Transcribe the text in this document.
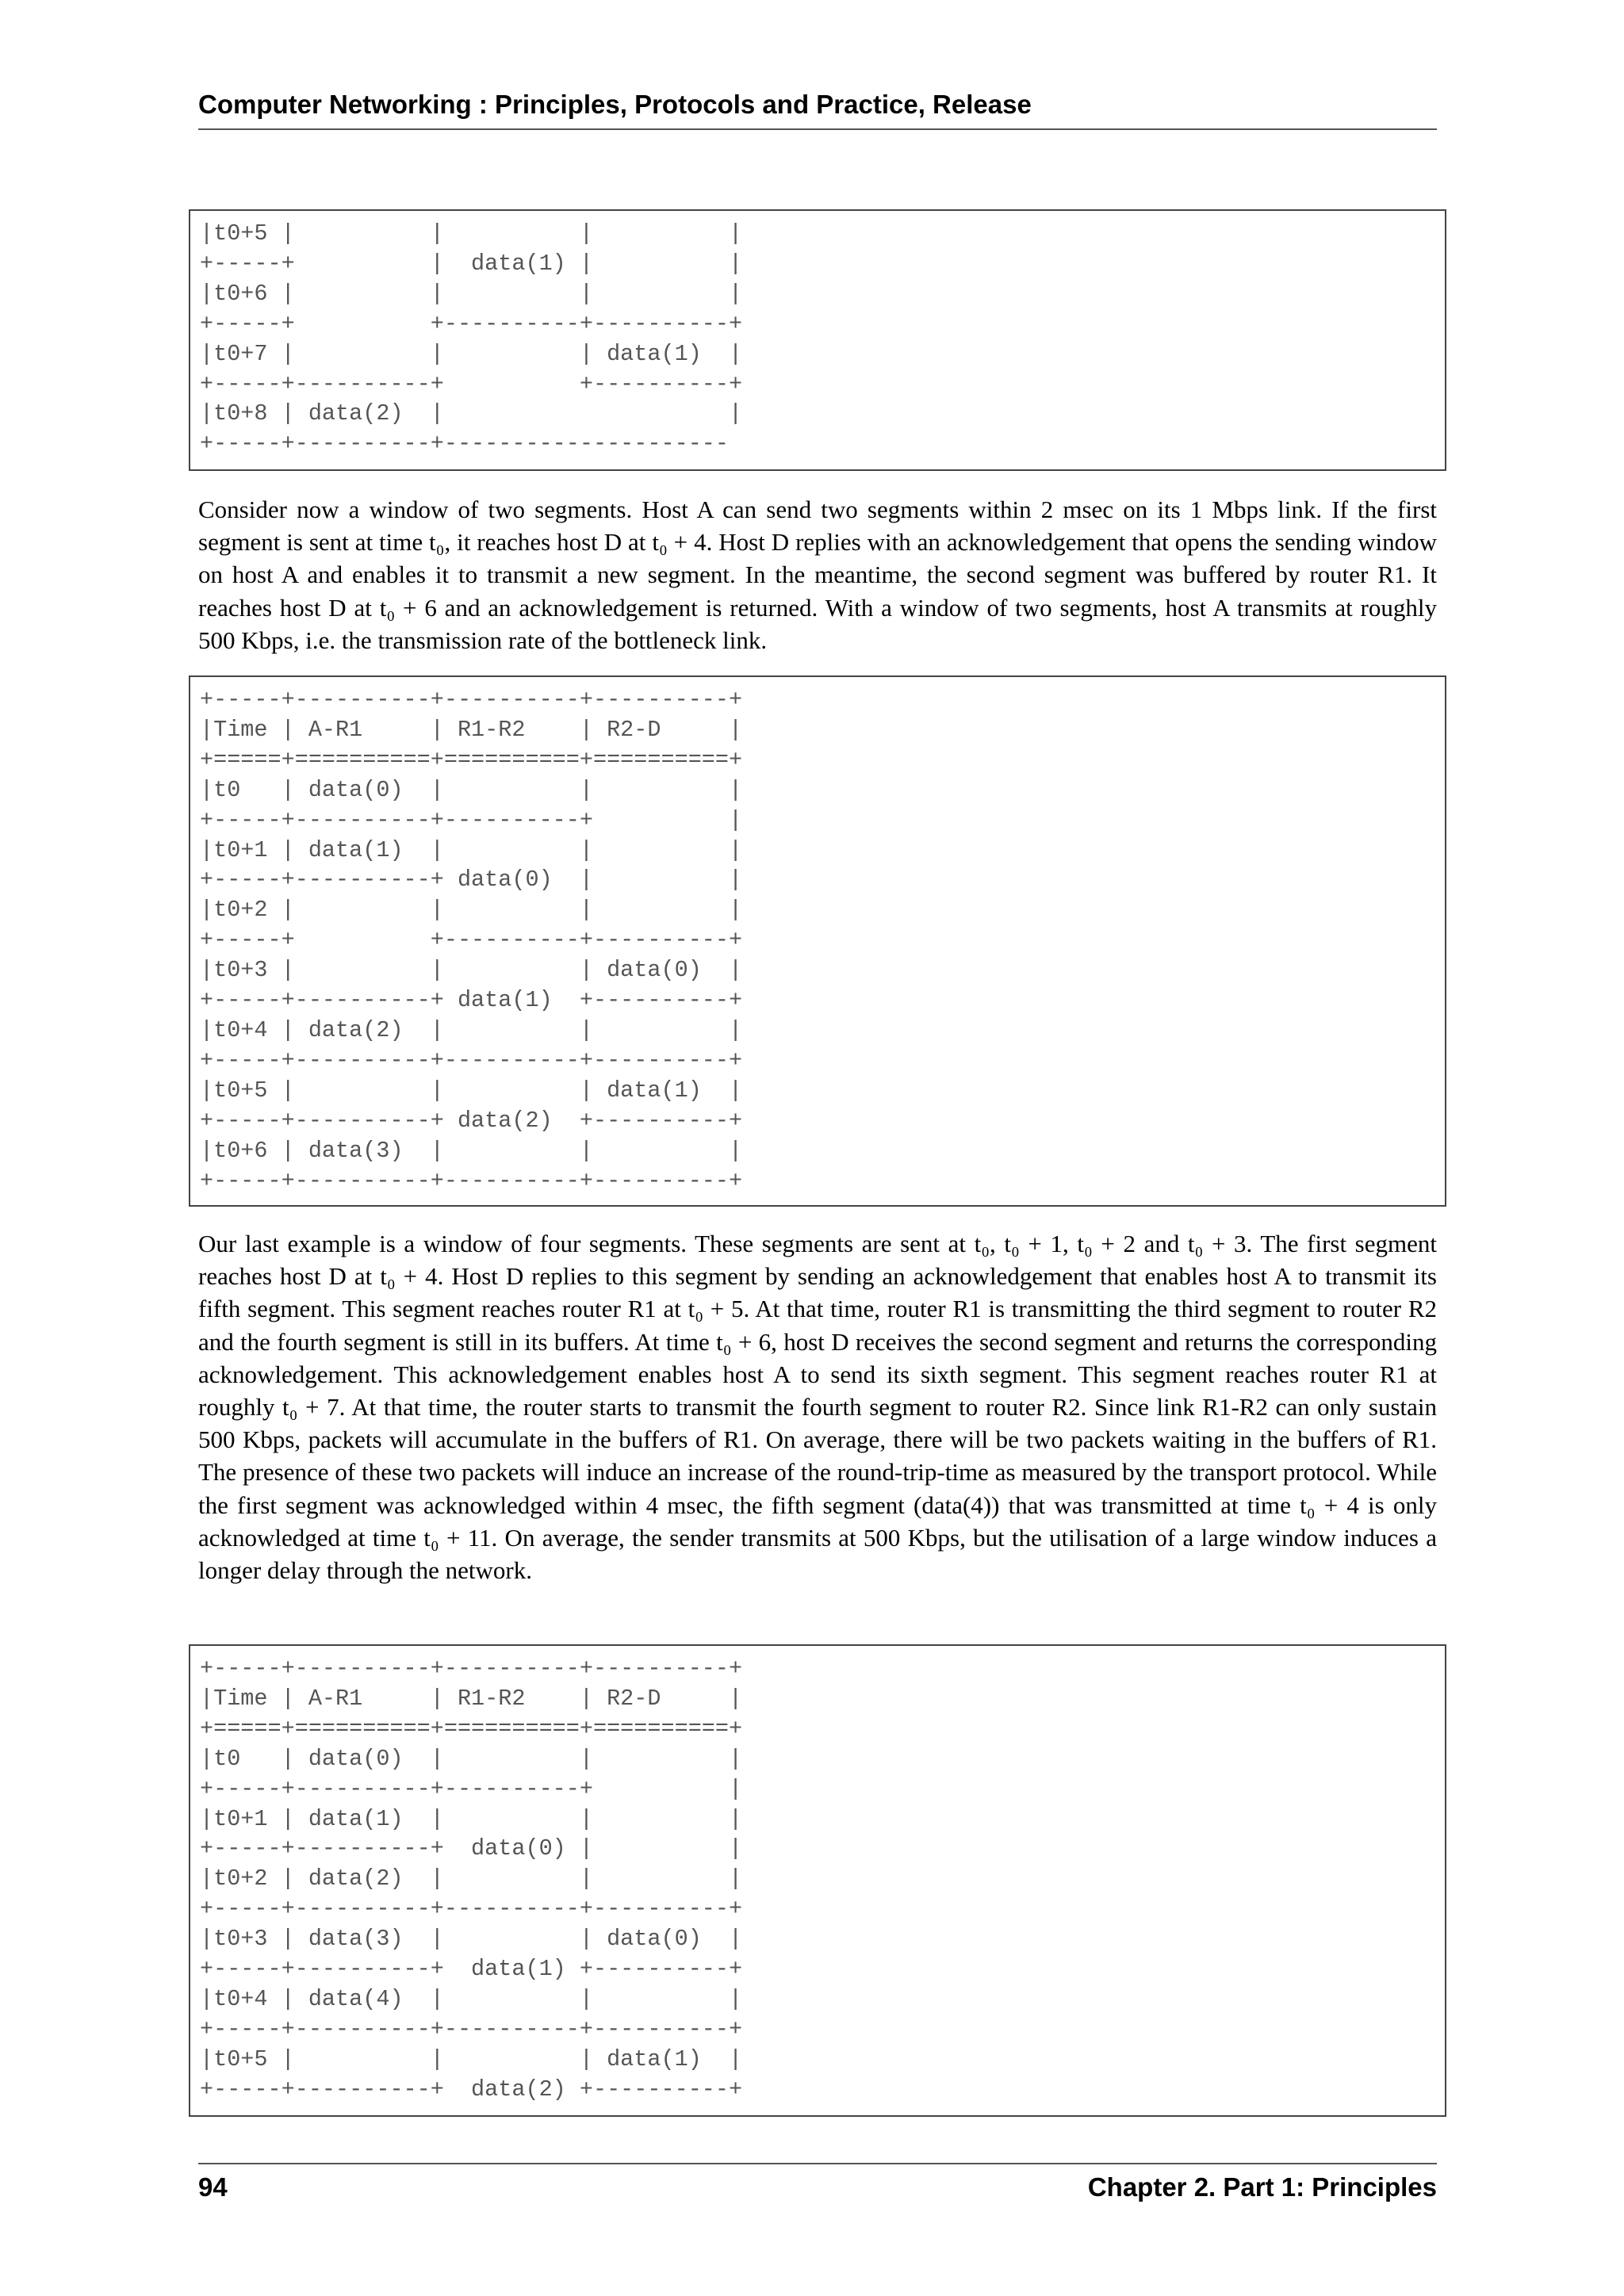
Computer Networking : Principles, Protocols and Practice, Release
|t0+5 |          |          |          |
+-----+          |  data(1) |          |
|t0+6 |          |          |          |
+-----+          +----------+----------+
|t0+7 |          |          | data(1)  |
+-----+----------+          +----------+
|t0+8 | data(2)  |                     |
+-----+----------+---------------------

Consider now a window of two segments. Host A can send two segments within 2 msec on its 1 Mbps link. If the first segment is sent at time t₀, it reaches host D at t₀ + 4. Host D replies with an acknowledgement that opens the sending window on host A and enables it to transmit a new segment. In the meantime, the second segment was buffered by router R1. It reaches host D at t₀ + 6 and an acknowledgement is returned. With a window of two segments, host A transmits at roughly 500 Kbps, i.e. the transmission rate of the bottleneck link.

+-----+----------+----------+----------+
|Time | A-R1     | R1-R2    | R2-D     |
+=====+==========+==========+==========+
|t0   | data(0)  |          |          |
+-----+----------+----------+          |
|t0+1 | data(1)  |          |          |
+-----+----------+ data(0)  |          |
|t0+2 |          |          |          |
+-----+          +----------+----------+
|t0+3 |          |          | data(0)  |
+-----+----------+ data(1)  +----------+
|t0+4 | data(2)  |          |          |
+-----+----------+----------+----------+
|t0+5 |          |          | data(1)  |
+-----+----------+ data(2)  +----------+
|t0+6 | data(3)  |          |          |
+-----+----------+----------+----------+

Our last example is a window of four segments. These segments are sent at t₀, t₀ + 1, t₀ + 2 and t₀ + 3. The first segment reaches host D at t₀ + 4. Host D replies to this segment by sending an acknowledgement that enables host A to transmit its fifth segment. This segment reaches router R1 at t₀ + 5. At that time, router R1 is transmitting the third segment to router R2 and the fourth segment is still in its buffers. At time t₀ + 6, host D receives the second segment and returns the corresponding acknowledgement. This acknowledgement enables host A to send its sixth segment. This segment reaches router R1 at roughly t₀ + 7. At that time, the router starts to transmit the fourth segment to router R2. Since link R1-R2 can only sustain 500 Kbps, packets will accumulate in the buffers of R1. On average, there will be two packets waiting in the buffers of R1. The presence of these two packets will induce an increase of the round-trip-time as measured by the transport protocol. While the first segment was acknowledged within 4 msec, the fifth segment (data(4)) that was transmitted at time t₀ + 4 is only acknowledged at time t₀ + 11. On average, the sender transmits at 500 Kbps, but the utilisation of a large window induces a longer delay through the network.

+-----+----------+----------+----------+
|Time | A-R1     | R1-R2    | R2-D     |
+=====+==========+==========+==========+
|t0   | data(0)  |          |          |
+-----+----------+----------+          |
|t0+1 | data(1)  |          |          |
+-----+----------+  data(0) |          |
|t0+2 | data(2)  |          |          |
+-----+----------+----------+----------+
|t0+3 | data(3)  |          | data(0)  |
+-----+----------+  data(1) +----------+
|t0+4 | data(4)  |          |          |
+-----+----------+----------+----------+
|t0+5 |          |          | data(1)  |
+-----+----------+  data(2) +----------+
94	Chapter 2. Part 1: Principles
